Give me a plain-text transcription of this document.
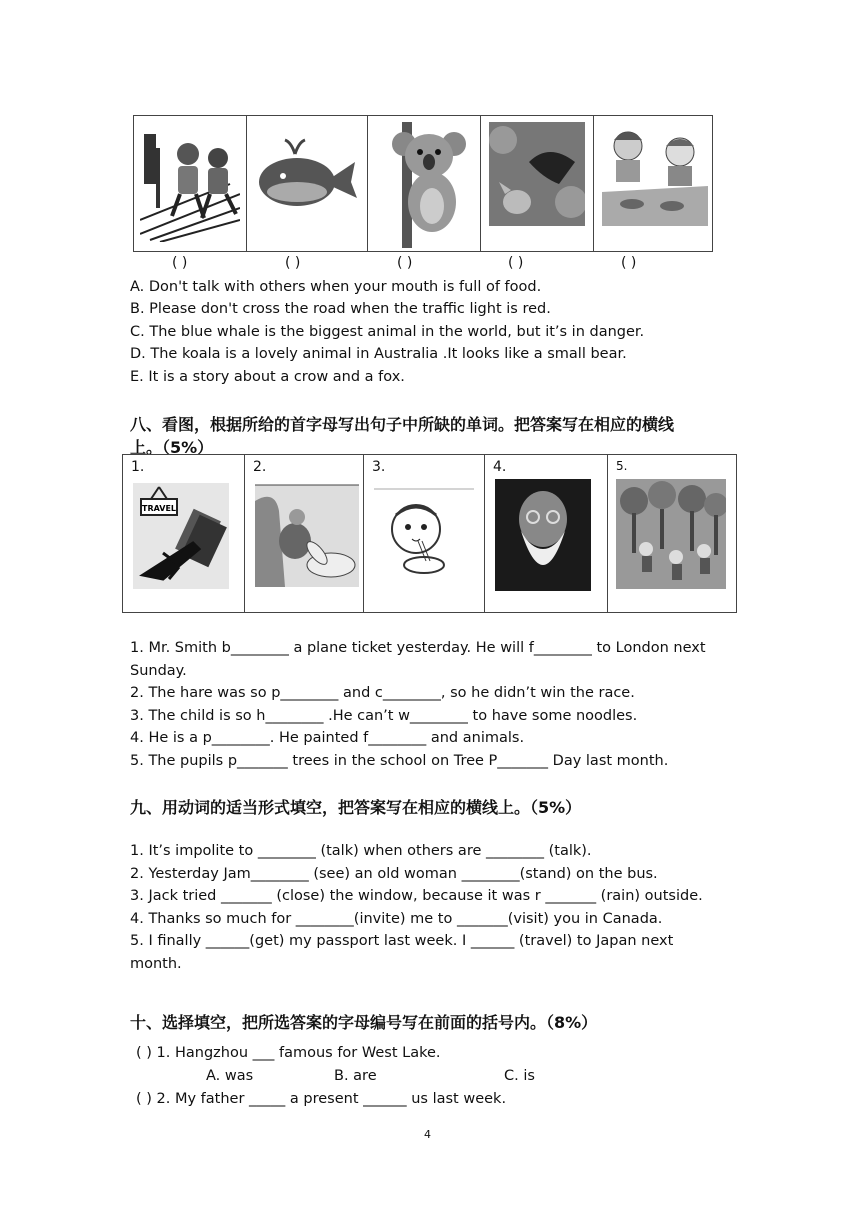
( )	( )	( )	( )	( )
A. Don't talk with others when your mouth is full of food.
B. Please don't cross the road when the traffic light is red.
C. The blue whale is the biggest animal in the world, but it’s in danger.
D. The koala is a lovely animal in Australia .It looks like a small bear.
E. It is a story about a crow and a fox.
八、看图，根据所给的首字母写出句子中所缺的单词。把答案写在相应的横线
上。（5%）
1.
TRAVEL

2.	3.	4.	5.
1. Mr. Smith b________ a plane ticket yesterday. He will f________ to London next
Sunday.
2. The hare was so p________ and c________, so he didn’t win the race.
3. The child is so h________ .He can’t w________ to have some noodles.
4. He is a p________. He painted f________ and animals.
5. The pupils p_______ trees in the school on Tree P_______ Day last month.
九、用动词的适当形式填空，把答案写在相应的横线上。（5%）
1. It’s impolite to ________ (talk) when others are ________ (talk).
2. Yesterday Jam________ (see) an old woman ________(stand) on the bus.
3. Jack tried _______ (close) the window, because it was r _______ (rain) outside.
4. Thanks so much for ________(invite) me to _______(visit) you in Canada.
5. I finally ______(get) my passport last week. I ______ (travel) to Japan next
month.
十、选择填空，把所选答案的字母编号写在前面的括号内。（8%）
( ) 1. Hangzhou ___ famous for West Lake.
A. was	B. are	C. is
( ) 2. My father _____ a present ______ us last week.
4
